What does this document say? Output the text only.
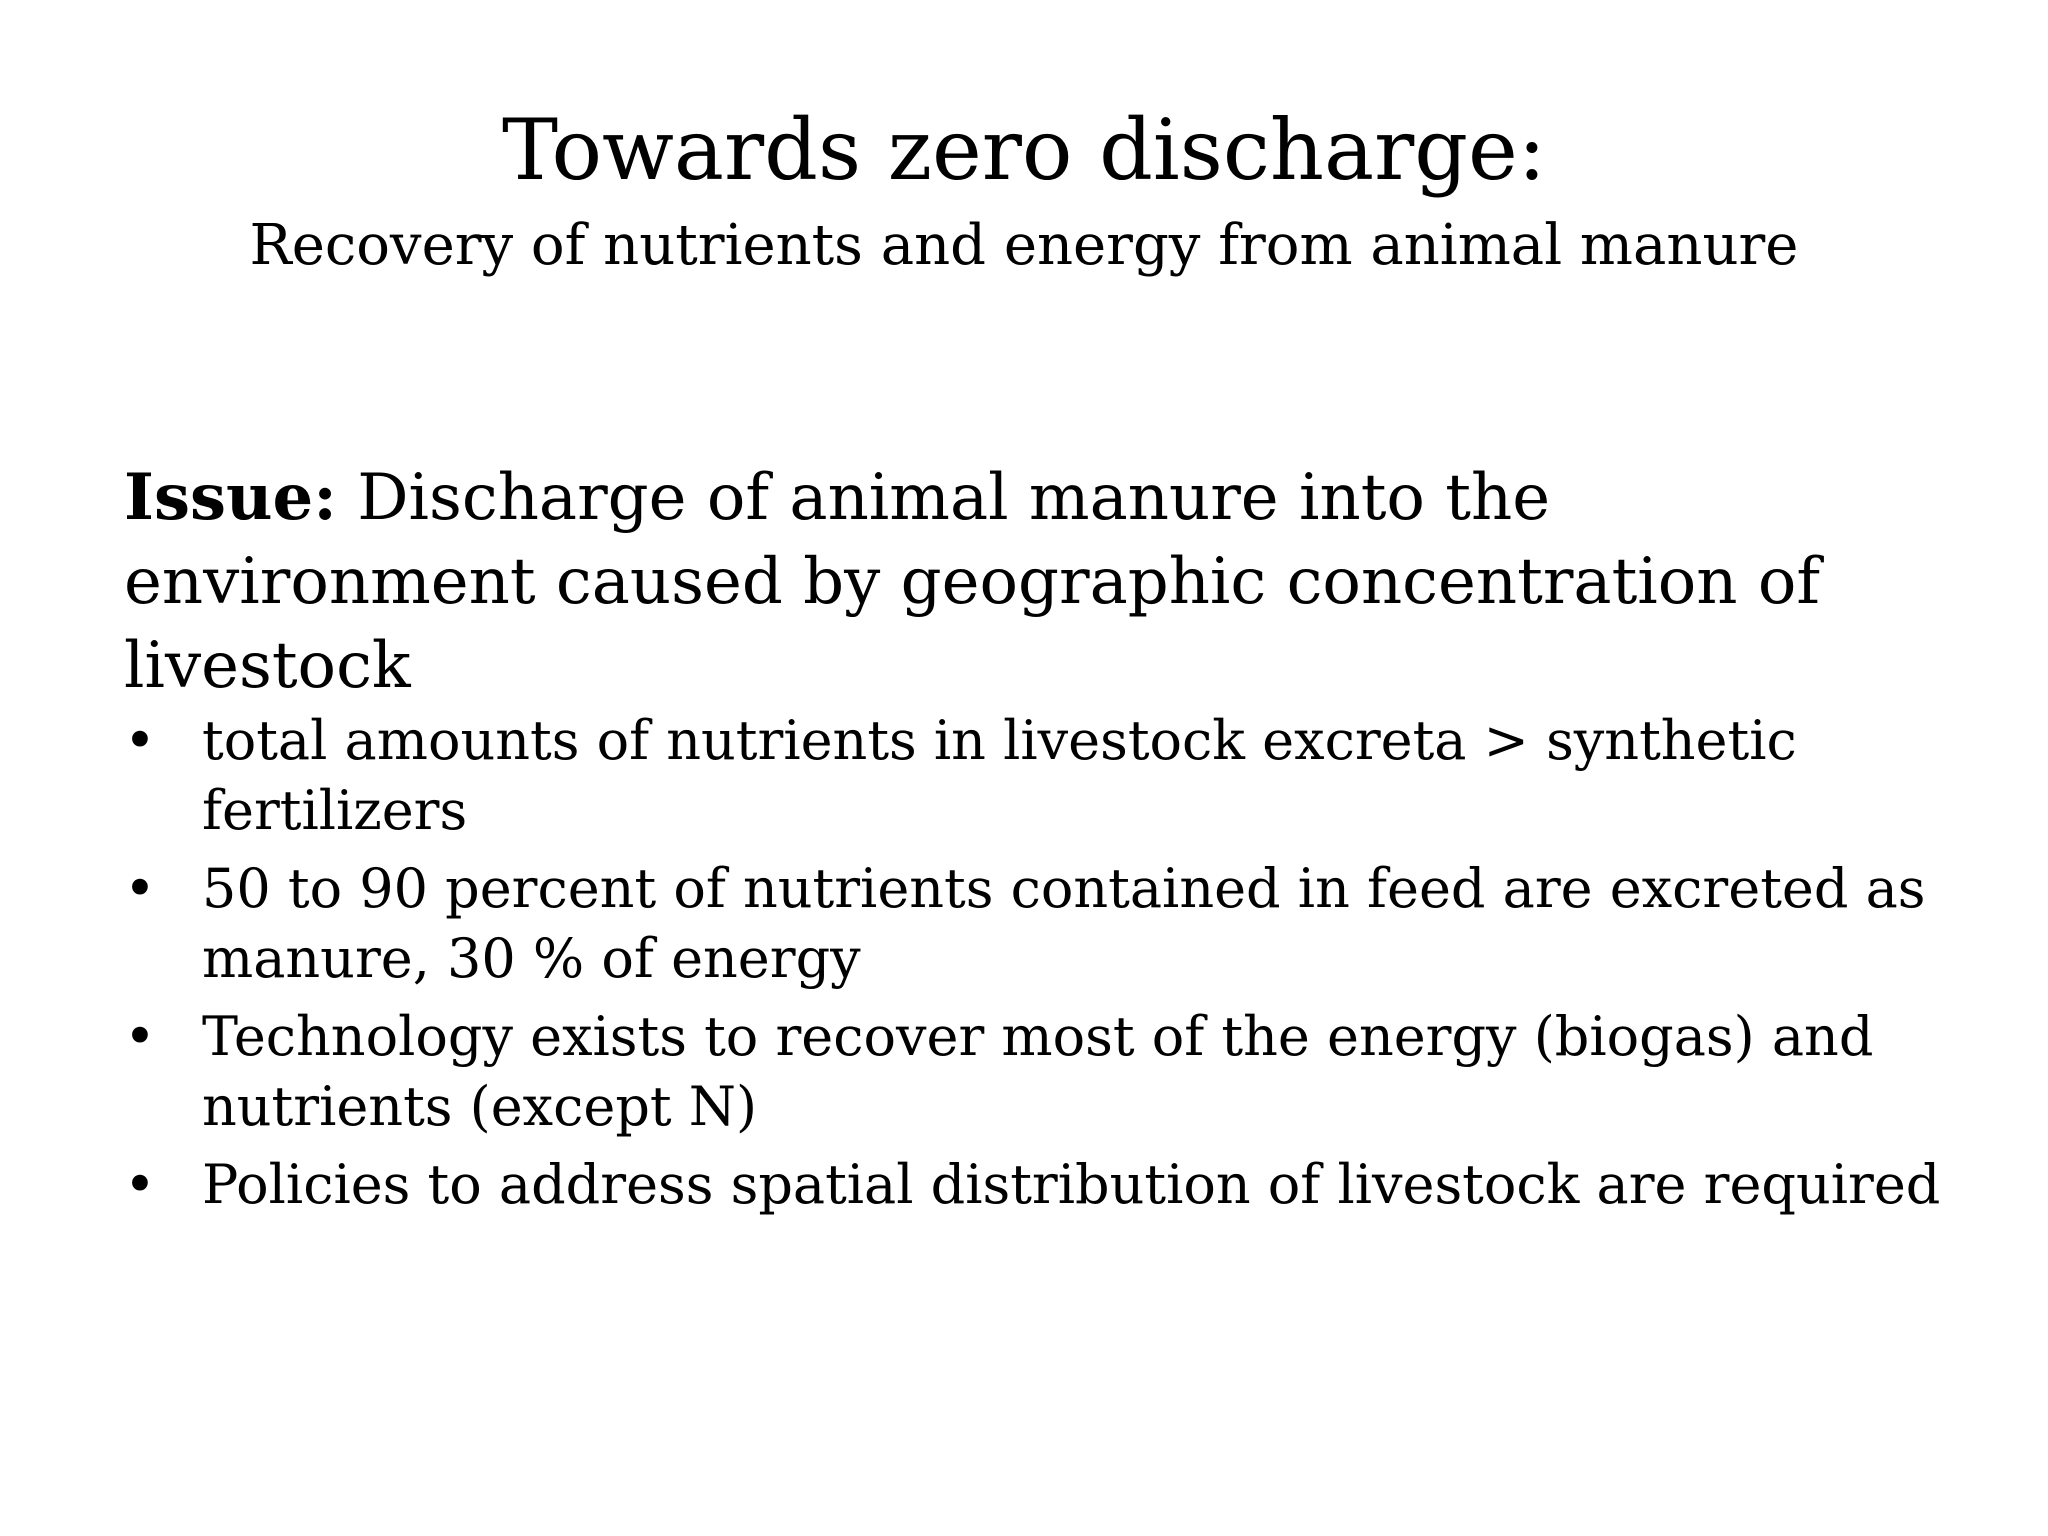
Towards zero discharge:
Recovery of nutrients and energy from animal manure
Issue: Discharge of animal manure into the environment caused by geographic concentration of livestock
• total amounts of nutrients in livestock excreta > synthetic fertilizers
• 50 to 90 percent of nutrients contained in feed are excreted as manure, 30 % of energy
• Technology exists to recover most of the energy (biogas) and nutrients (except N)
• Policies to address spatial distribution of livestock are required
